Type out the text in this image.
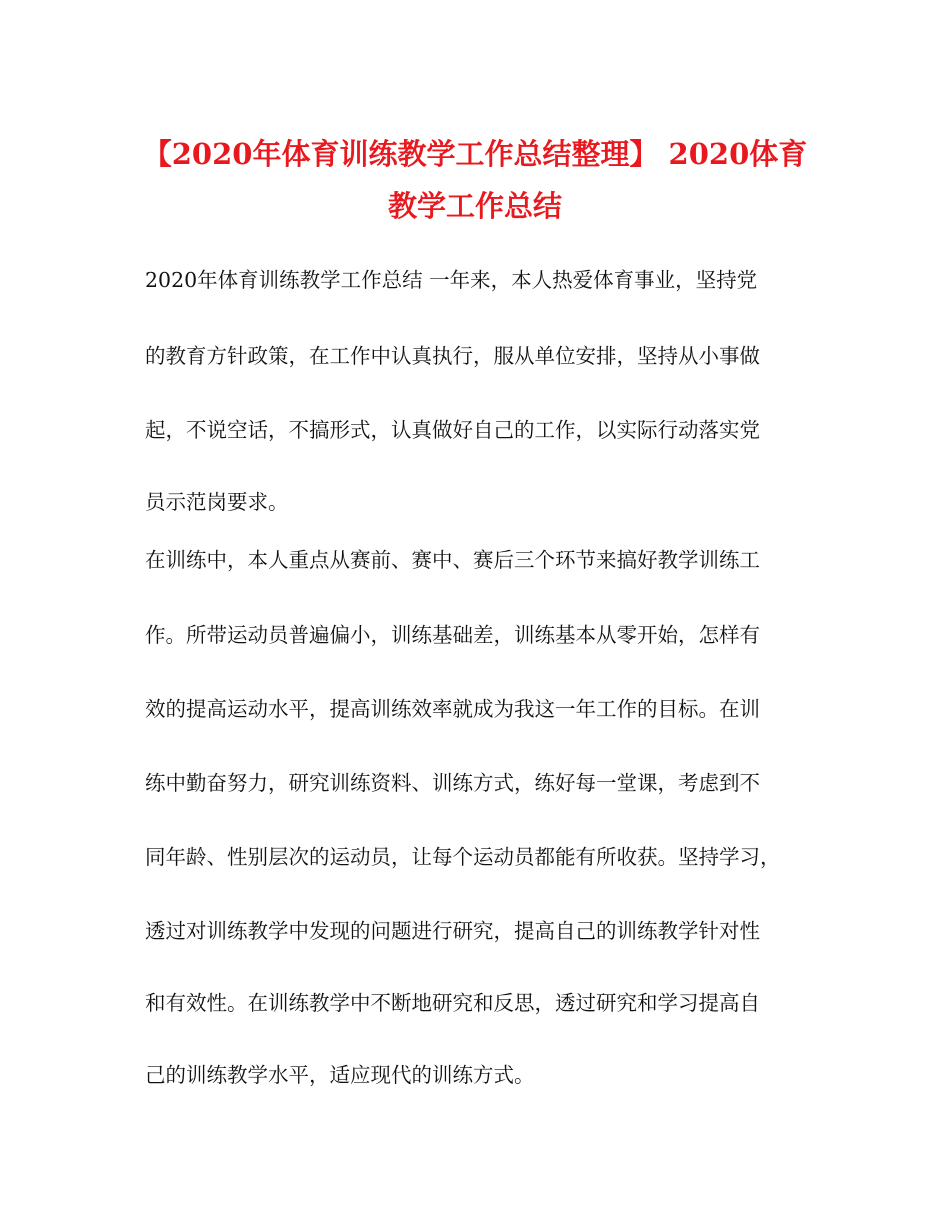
【2020年体育训练教学工作总结整理】 2020体育教学工作总结
2020年体育训练教学工作总结 一年来，本人热爱体育事业，坚持党
的教育方针政策，在工作中认真执行，服从单位安排，坚持从小事做
起，不说空话，不搞形式，认真做好自己的工作，以实际行动落实党
员示范岗要求。
在训练中，本人重点从赛前、赛中、赛后三个环节来搞好教学训练工
作。所带运动员普遍偏小，训练基础差，训练基本从零开始，怎样有
效的提高运动水平，提高训练效率就成为我这一年工作的目标。在训
练中勤奋努力，研究训练资料、训练方式，练好每一堂课，考虑到不
同年龄、性别层次的运动员，让每个运动员都能有所收获。坚持学习，
透过对训练教学中发现的问题进行研究，提高自己的训练教学针对性
和有效性。在训练教学中不断地研究和反思，透过研究和学习提高自
己的训练教学水平，适应现代的训练方式。
